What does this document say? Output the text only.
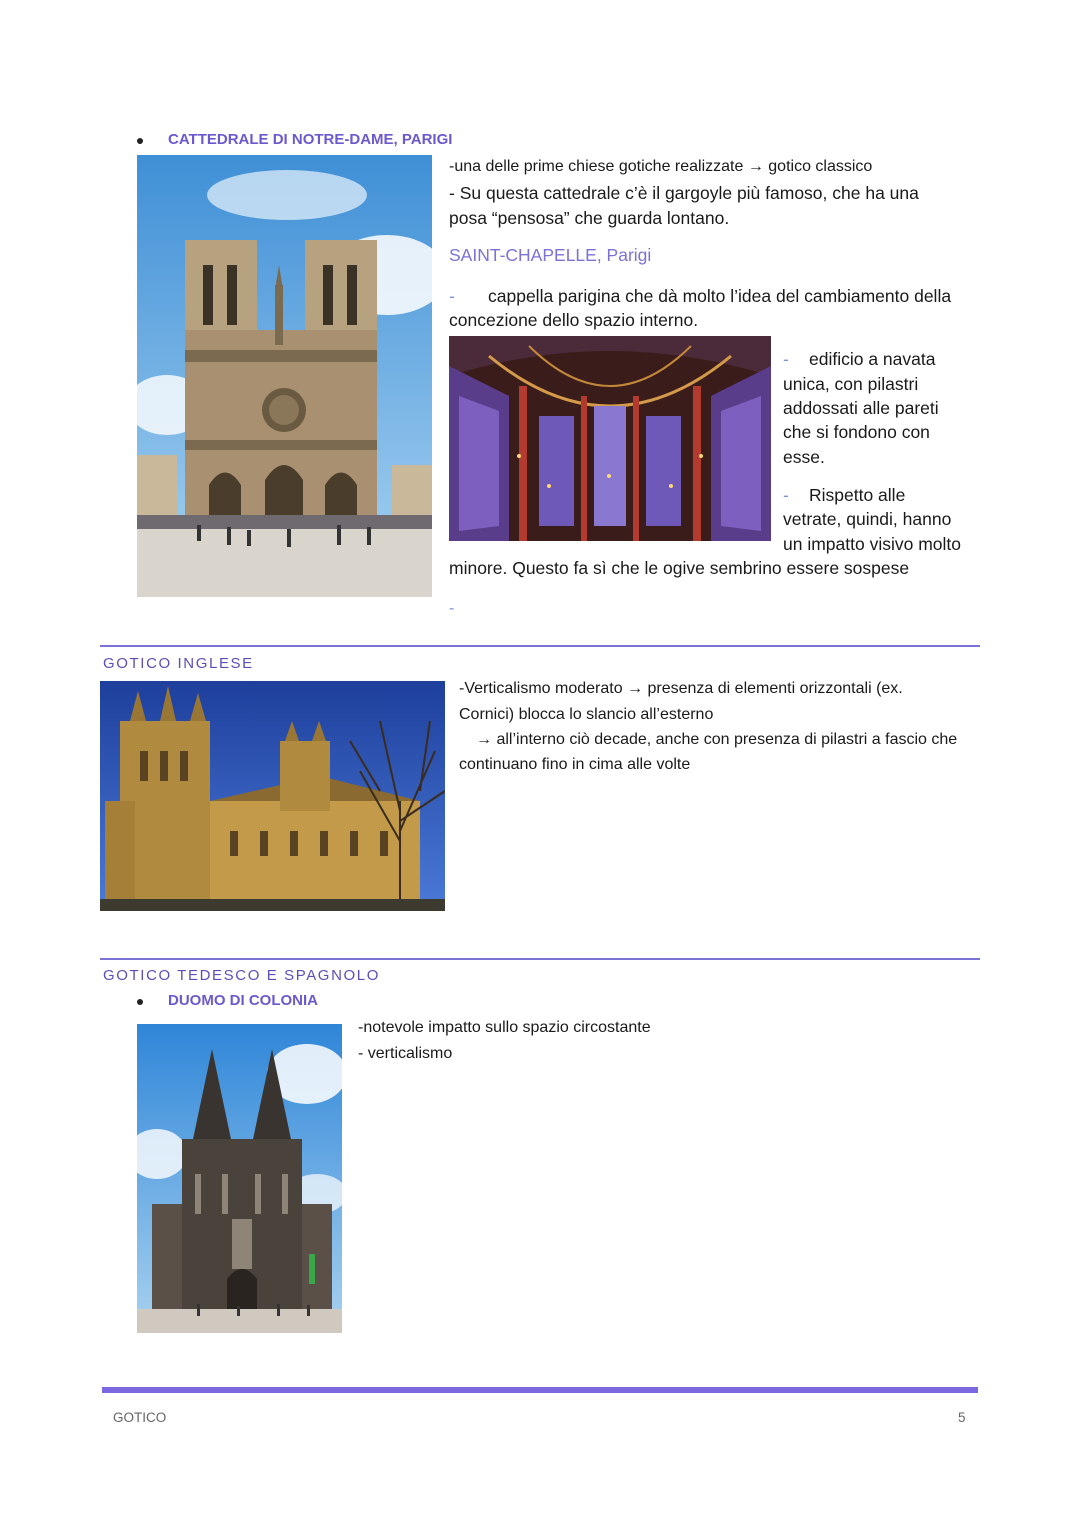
CATTEDRALE DI NOTRE-DAME, PARIGI
-una delle prime chiese gotiche realizzate → gotico classico
- Su questa cattedrale c’è il gargoyle più famoso, che ha una
posa “pensosa” che guarda lontano.
SAINT-CHAPELLE, Parigi
- cappella parigina che dà molto l’idea del cambiamento della
concezione dello spazio interno.
- edificio a navata
unica, con pilastri
addossati alle pareti
che si fondono con
esse.
- Rispetto alle
vetrate, quindi, hanno
un impatto visivo molto
minore. Questo fa sì che le ogive sembrino essere sospese
-
GOTICO INGLESE
-Verticalismo moderato → presenza di elementi orizzontali (ex.
Cornici) blocca lo slancio all’esterno
→ all’interno ciò decade, anche con presenza di pilastri a fascio che
continuano fino in cima alle volte
GOTICO TEDESCO E SPAGNOLO
DUOMO DI COLONIA
-notevole impatto sullo spazio circostante
- verticalismo
GOTICO	5
